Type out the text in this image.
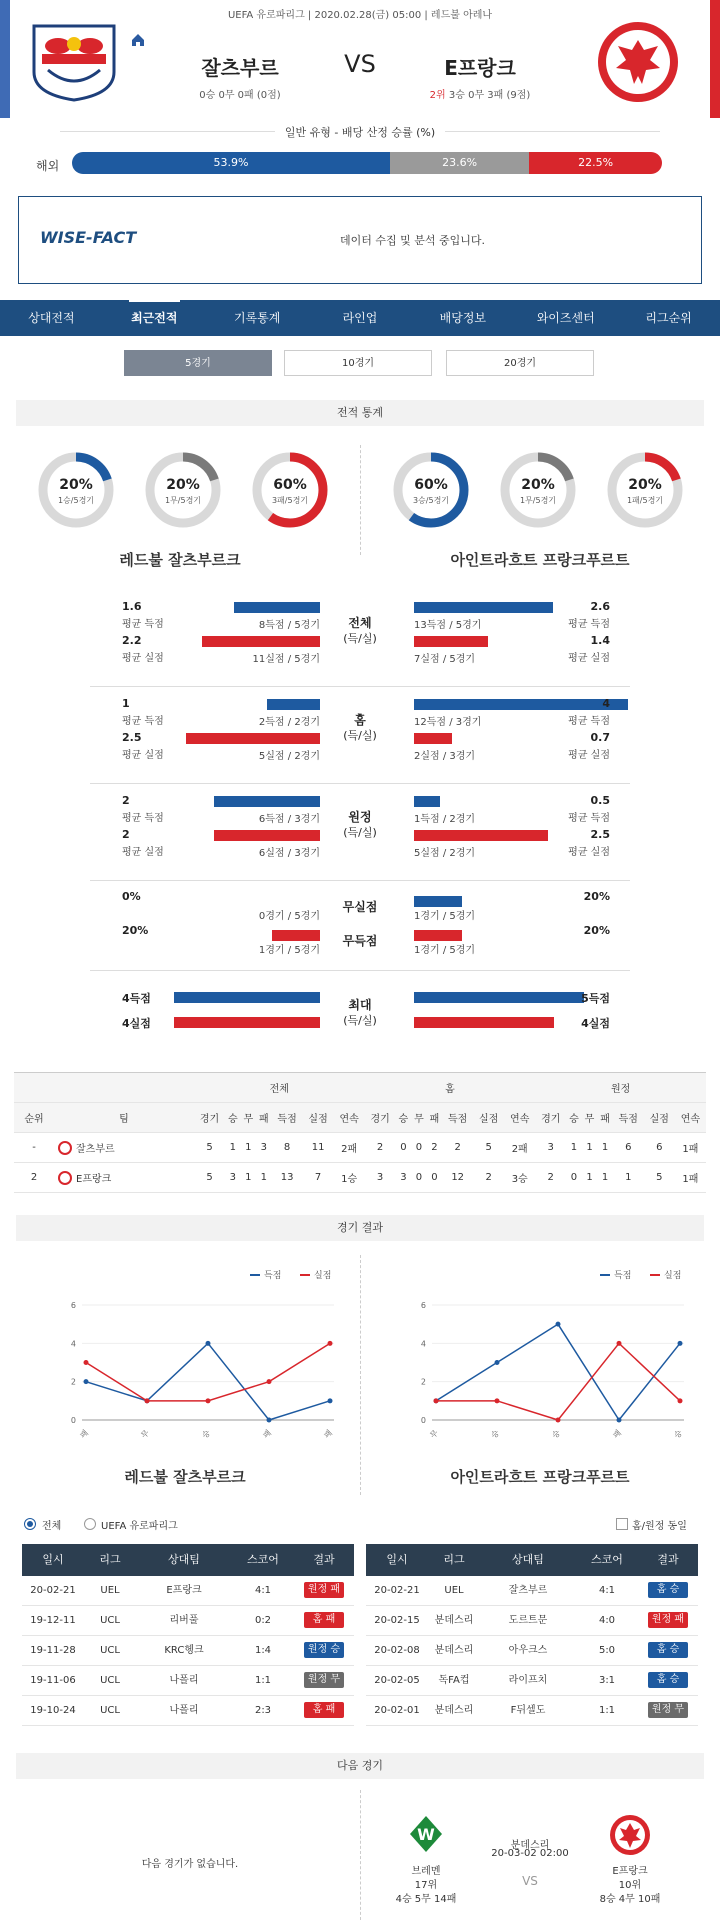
UEFA 유로파리그 | 2020.02.28(금) 05:00 | 레드불 아레나
잘츠부르	VS	E프랑크
0승 0무 0패 (0점)	2위 3승 0무 3패 (9점)
일반 유형 - 배당 산정 승률 (%)
해외	53.9%	23.6%	22.5%
WISE-FACT	데이터 수집 및 분석 중입니다.
상대전적	최근전적	기록통계	라인업	배당정보	와이즈센터	리그순위
5경기	10경기	20경기
전적 통계
20%
1승/5경기
20%
1무/5경기
60%
3패/5경기
60%
3승/5경기
20%
1무/5경기
20%
1패/5경기
레드불 잘츠부르크	아인트라흐트 프랑크푸르트
전체
(득/실)
1.6
평균 득점	8득점 / 5경기	13득점 / 5경기
2.6
평균 득점
2.2
평균 실점	11실점 / 5경기	7실점 / 5경기
1.4
평균 실점
홈
(득/실)
1
평균 득점	2득점 / 2경기	12득점 / 3경기
4
평균 득점
2.5
평균 실점	5실점 / 2경기	2실점 / 3경기
0.7
평균 실점
원정
(득/실)
2
평균 득점	6득점 / 3경기	1득점 / 2경기
0.5
평균 득점
2
평균 실점	6실점 / 3경기	5실점 / 2경기
2.5
평균 실점
0%
0경기 / 5경기
무실점
1경기 / 5경기
20%
20%
1경기 / 5경기
무득점
1경기 / 5경기
20%
4득점
4실점
최대
(득/실)
5득점
4실점
		전체							홈							원정						
순위	팀	경기	승	무	패	득점	실점	연속	경기	승	무	패	득점	실점	연속	경기	승	무	패	득점	실점	연속
-	잘츠부르	5	1	1	3	8	11	2패	2	0	0	2	2	5	2패	3	1	1	1	6	6	1패
2	E프랑크	5	3	1	1	13	7	1승	3	3	0	0	12	2	3승	2	0	1	1	1	5	1패
경기 결과
0
2
4
6
패	무	승	패	패
득점	실점
0
2
4
6
무	승	승	패	승
득점	실점
레드불 잘츠부르크	아인트라흐트 프랑크푸르트
전체	UEFA 유로파리그	홈/원정 동일
일시	리그	상대팀	스코어	결과
20-02-21	UEL	E프랑크	4:1	원정 패
19-12-11	UCL	리버풀	0:2	홈 패
19-11-28	UCL	KRC헹크	1:4	원정 승
19-11-06	UCL	나폴리	1:1	원정 무
19-10-24	UCL	나폴리	2:3	홈 패
일시	리그	상대팀	스코어	결과
20-02-21	UEL	잘츠부르	4:1	홈 승
20-02-15	분데스리	도르트문	4:0	원정 패
20-02-08	분데스리	아우크스	5:0	홈 승
20-02-05	독FA컵	라이프치	3:1	홈 승
20-02-01	분데스리	F뒤셀도	1:1	원정 무
다음 경기
다음 경기가 없습니다.
W
분데스리
20-03-02 02:00
VS
브레멘
17위
4승 5무 14패
E프랑크
10위
8승 4무 10패
